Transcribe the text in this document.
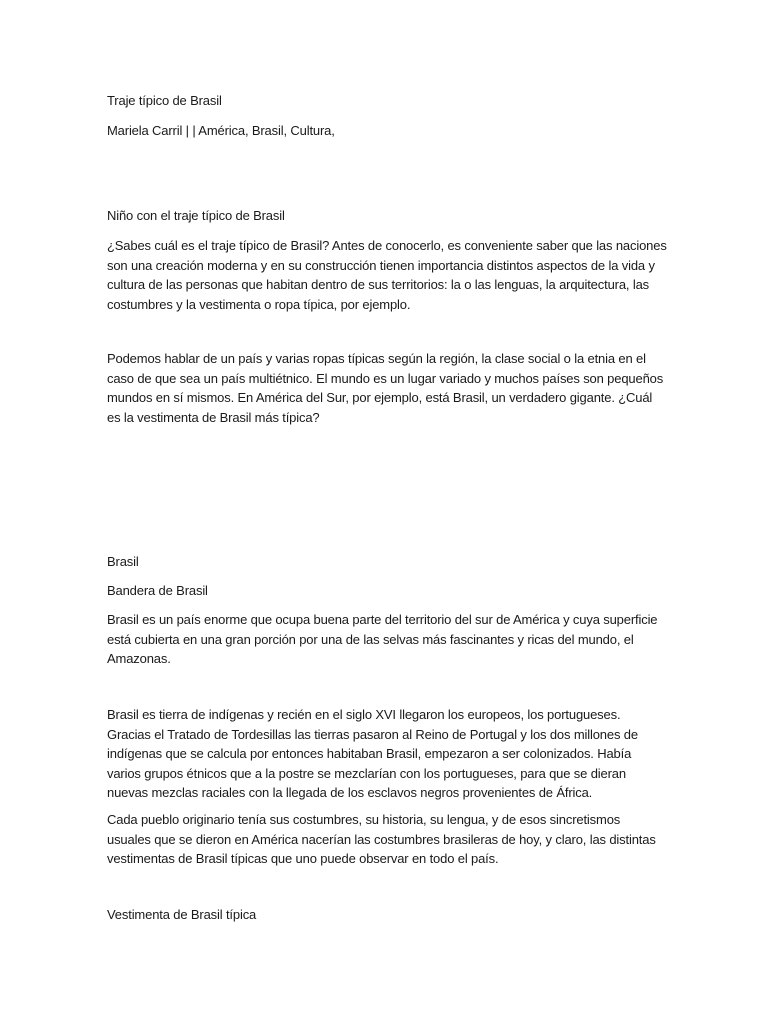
Traje típico de Brasil

Mariela Carril | | América, Brasil, Cultura,

Niño con el traje típico de Brasil

¿Sabes cuál es el traje típico de Brasil? Antes de conocerlo, es conveniente saber que las naciones son una creación moderna y en su construcción tienen importancia distintos aspectos de la vida y cultura de las personas que habitan dentro de sus territorios: la o las lenguas, la arquitectura, las costumbres y la vestimenta o ropa típica, por ejemplo.

Podemos hablar de un país y varias ropas típicas según la región, la clase social o la etnia en el caso de que sea un país multiétnico. El mundo es un lugar variado y muchos países son pequeños mundos en sí mismos. En América del Sur, por ejemplo, está Brasil, un verdadero gigante. ¿Cuál es la vestimenta de Brasil más típica?

Brasil

Bandera de Brasil

Brasil es un país enorme que ocupa buena parte del territorio del sur de América y cuya superficie está cubierta en una gran porción por una de las selvas más fascinantes y ricas del mundo, el Amazonas.

Brasil es tierra de indígenas y recién en el siglo XVI llegaron los europeos, los portugueses. Gracias el Tratado de Tordesillas las tierras pasaron al Reino de Portugal y los dos millones de indígenas que se calcula por entonces habitaban Brasil, empezaron a ser colonizados. Había varios grupos étnicos que a la postre se mezclarían con los portugueses, para que se dieran nuevas mezclas raciales con la llegada de los esclavos negros provenientes de África.

Cada pueblo originario tenía sus costumbres, su historia, su lengua, y de esos sincretismos usuales que se dieron en América nacerían las costumbres brasileras de hoy, y claro, las distintas vestimentas de Brasil típicas que uno puede observar en todo el país.

Vestimenta de Brasil típica
